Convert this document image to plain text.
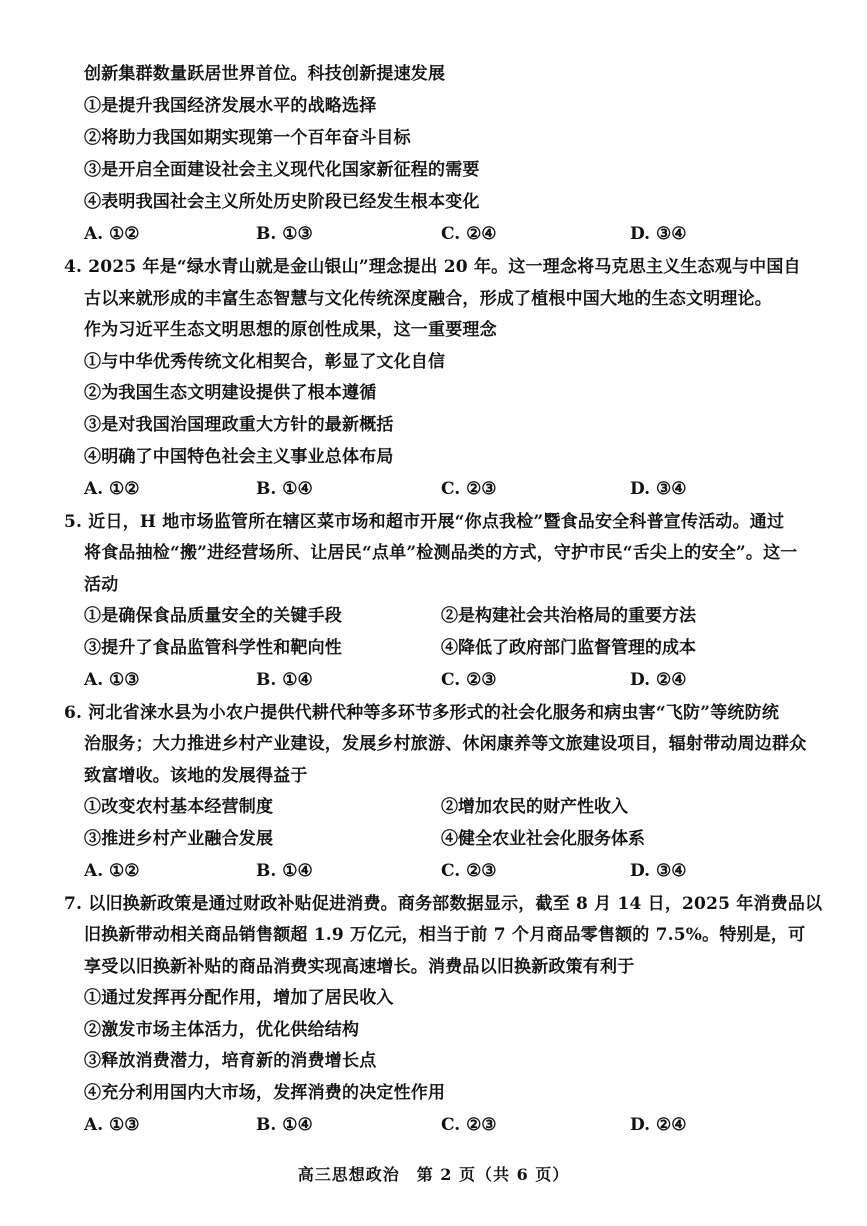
创新集群数量跃居世界首位。科技创新提速发展
①是提升我国经济发展水平的战略选择
②将助力我国如期实现第一个百年奋斗目标
③是开启全面建设社会主义现代化国家新征程的需要
④表明我国社会主义所处历史阶段已经发生根本变化
A. ①②	B. ①③	C. ②④	D. ③④
4. 2025 年是“绿水青山就是金山银山”理念提出 20 年。这一理念将马克思主义生态观与中国自
古以来就形成的丰富生态智慧与文化传统深度融合，形成了植根中国大地的生态文明理论。
作为习近平生态文明思想的原创性成果，这一重要理念
①与中华优秀传统文化相契合，彰显了文化自信
②为我国生态文明建设提供了根本遵循
③是对我国治国理政重大方针的最新概括
④明确了中国特色社会主义事业总体布局
A. ①②	B. ①④	C. ②③	D. ③④
5. 近日，H 地市场监管所在辖区菜市场和超市开展“你点我检”暨食品安全科普宣传活动。通过
将食品抽检“搬”进经营场所、让居民“点单”检测品类的方式，守护市民“舌尖上的安全”。这一
活动
①是确保食品质量安全的关键手段	②是构建社会共治格局的重要方法
③提升了食品监管科学性和靶向性	④降低了政府部门监督管理的成本
A. ①③	B. ①④	C. ②③	D. ②④
6. 河北省涞水县为小农户提供代耕代种等多环节多形式的社会化服务和病虫害“飞防”等统防统
治服务；大力推进乡村产业建设，发展乡村旅游、休闲康养等文旅建设项目，辐射带动周边群众
致富增收。该地的发展得益于
①改变农村基本经营制度	②增加农民的财产性收入
③推进乡村产业融合发展	④健全农业社会化服务体系
A. ①②	B. ①④	C. ②③	D. ③④
7. 以旧换新政策是通过财政补贴促进消费。商务部数据显示，截至 8 月 14 日，2025 年消费品以
旧换新带动相关商品销售额超 1.9 万亿元，相当于前 7 个月商品零售额的 7.5%。特别是，可
享受以旧换新补贴的商品消费实现高速增长。消费品以旧换新政策有利于
①通过发挥再分配作用，增加了居民收入
②激发市场主体活力，优化供给结构
③释放消费潜力，培育新的消费增长点
④充分利用国内大市场，发挥消费的决定性作用
A. ①③	B. ①④	C. ②③	D. ②④
高三思想政治　第 2 页（共 6 页）
